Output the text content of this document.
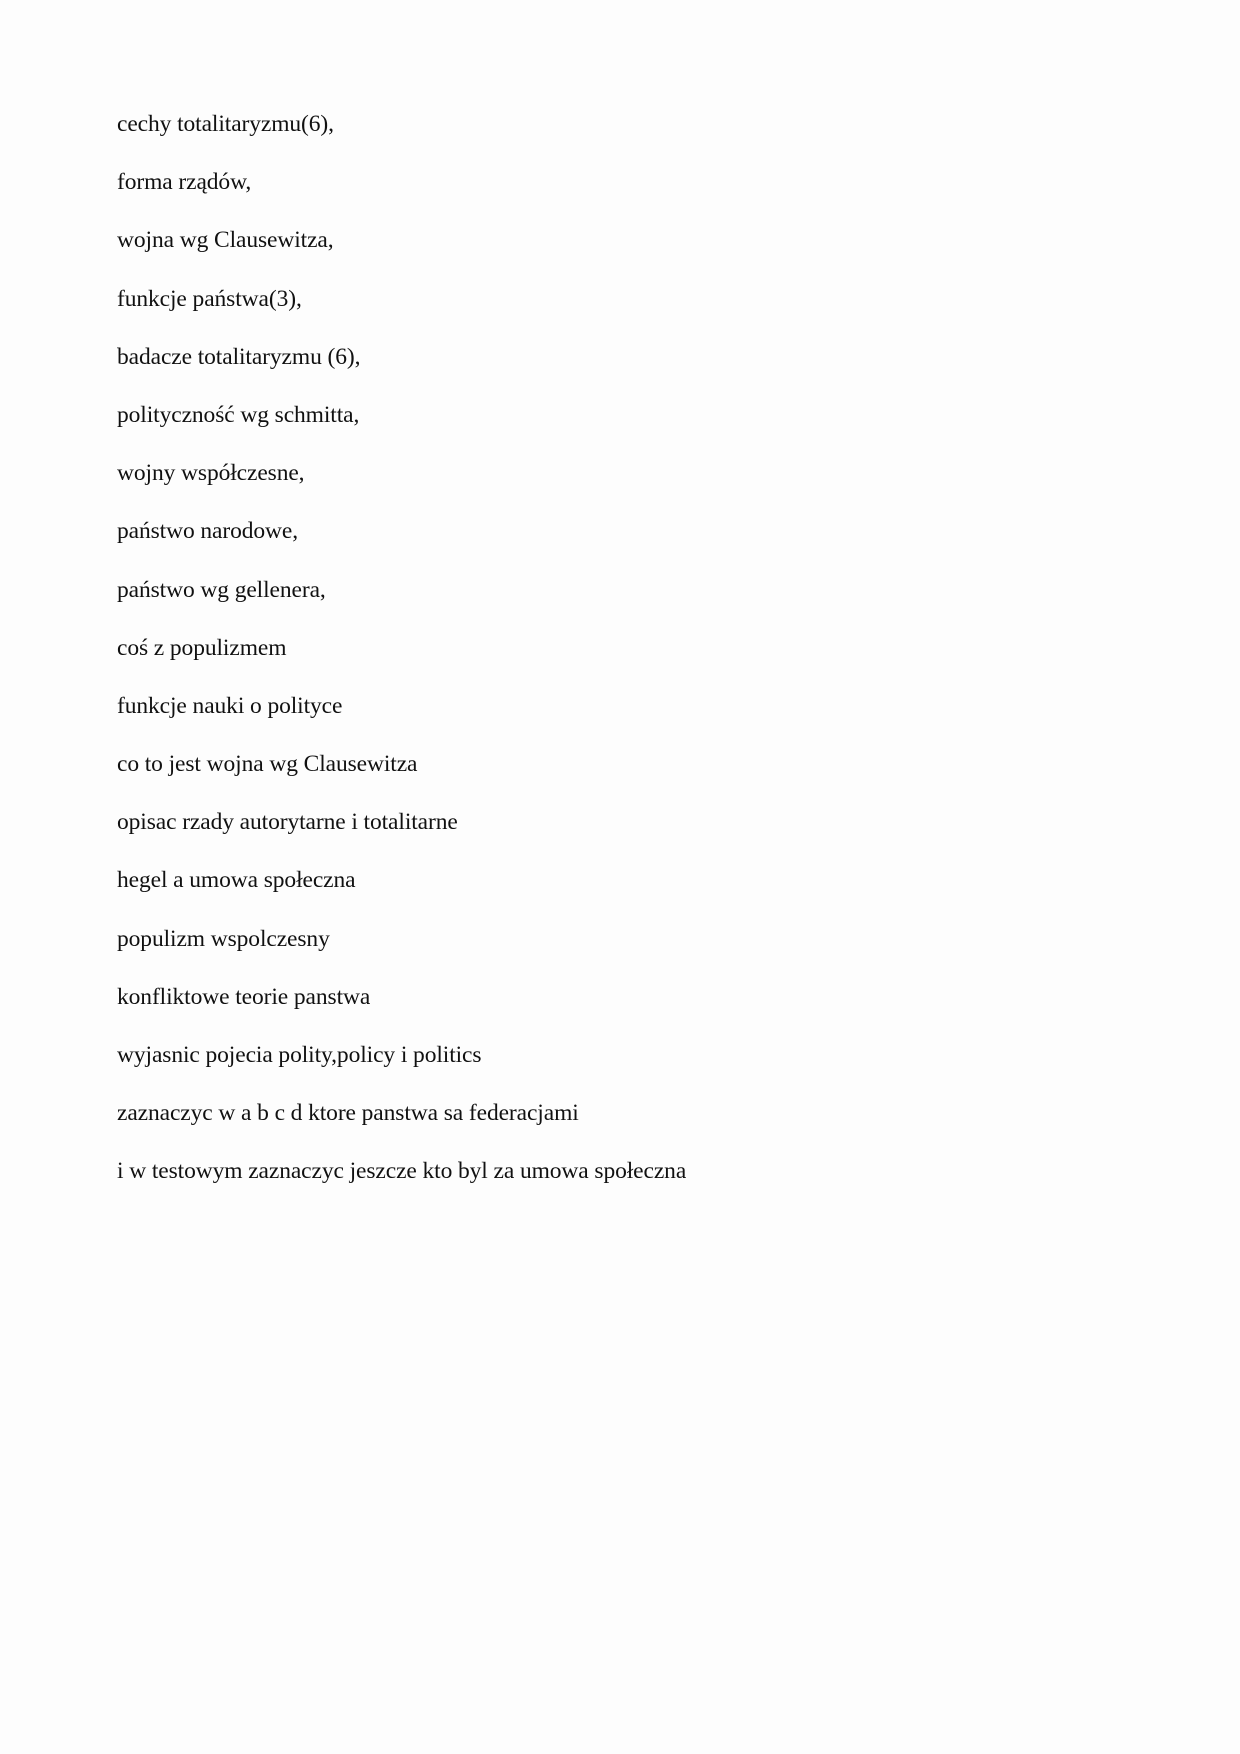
cechy totalitaryzmu(6),
forma rządów,
wojna wg Clausewitza,
funkcje państwa(3),
badacze totalitaryzmu (6),
polityczność wg schmitta,
wojny współczesne,
państwo narodowe,
państwo wg gellenera,
coś z populizmem
funkcje nauki o polityce
co to jest wojna wg Clausewitza
opisac rzady autorytarne i totalitarne
hegel a umowa społeczna
populizm wspolczesny
konfliktowe teorie panstwa
wyjasnic pojecia polity,policy i politics
zaznaczyc w a b c d ktore panstwa sa federacjami
i w testowym zaznaczyc jeszcze kto byl za umowa społeczna
